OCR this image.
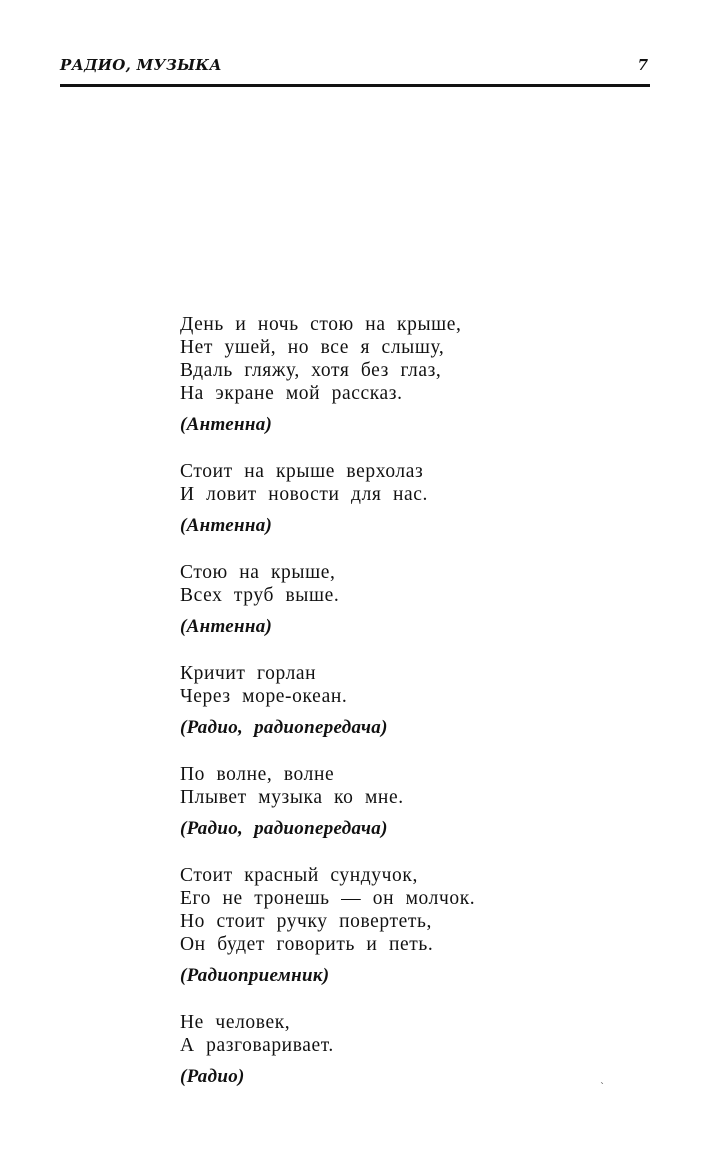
РАДИО, МУЗЫКА	7
День и ночь стою на крыше,
Нет ушей, но все я слышу,
Вдаль гляжу, хотя без глаз,
На экране мой рассказ.
(Антенна)
Стоит на крыше верхолаз
И ловит новости для нас.
(Антенна)
Стою на крыше,
Всех труб выше.
(Антенна)
Кричит горлан
Через море-океан.
(Радио, радиопередача)
По волне, волне
Плывет музыка ко мне.
(Радио, радиопередача)
Стоит красный сундучок,
Его не тронешь — он молчок.
Но стоит ручку повертеть,
Он будет говорить и петь.
(Радиоприемник)
Не человек,
А разговаривает.
(Радио)
ˋ
